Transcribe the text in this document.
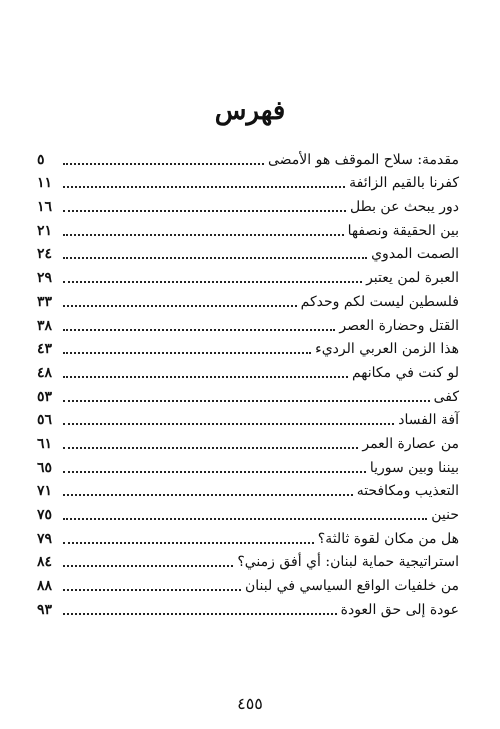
فهرس
مقدمة: سلاح الموقف هو الأمضى
٥
كفرنا بالقيم الزائفة
١١
دور يبحث عن بطل
١٦
بين الحقيقة ونصفها
٢١
الصمت المدوي
٢٤
العبرة لمن يعتبر
٢٩
فلسطين ليست لكم وحدكم
٣٣
القتل وحضارة العصر
٣٨
هذا الزمن العربي الرديء
٤٣
لو كنت في مكانهم
٤٨
كفى
٥٣
آفة الفساد
٥٦
من عصارة العمر
٦١
بيننا وبين سوريا
٦٥
التعذيب ومكافحته
٧١
حنين
٧٥
هل من مكان لقوة ثالثة؟
٧٩
استراتيجية حماية لبنان: أي أفق زمني؟
٨٤
من خلفيات الواقع السياسي في لبنان
٨٨
عودة إلى حق العودة
٩٣
٤٥٥
